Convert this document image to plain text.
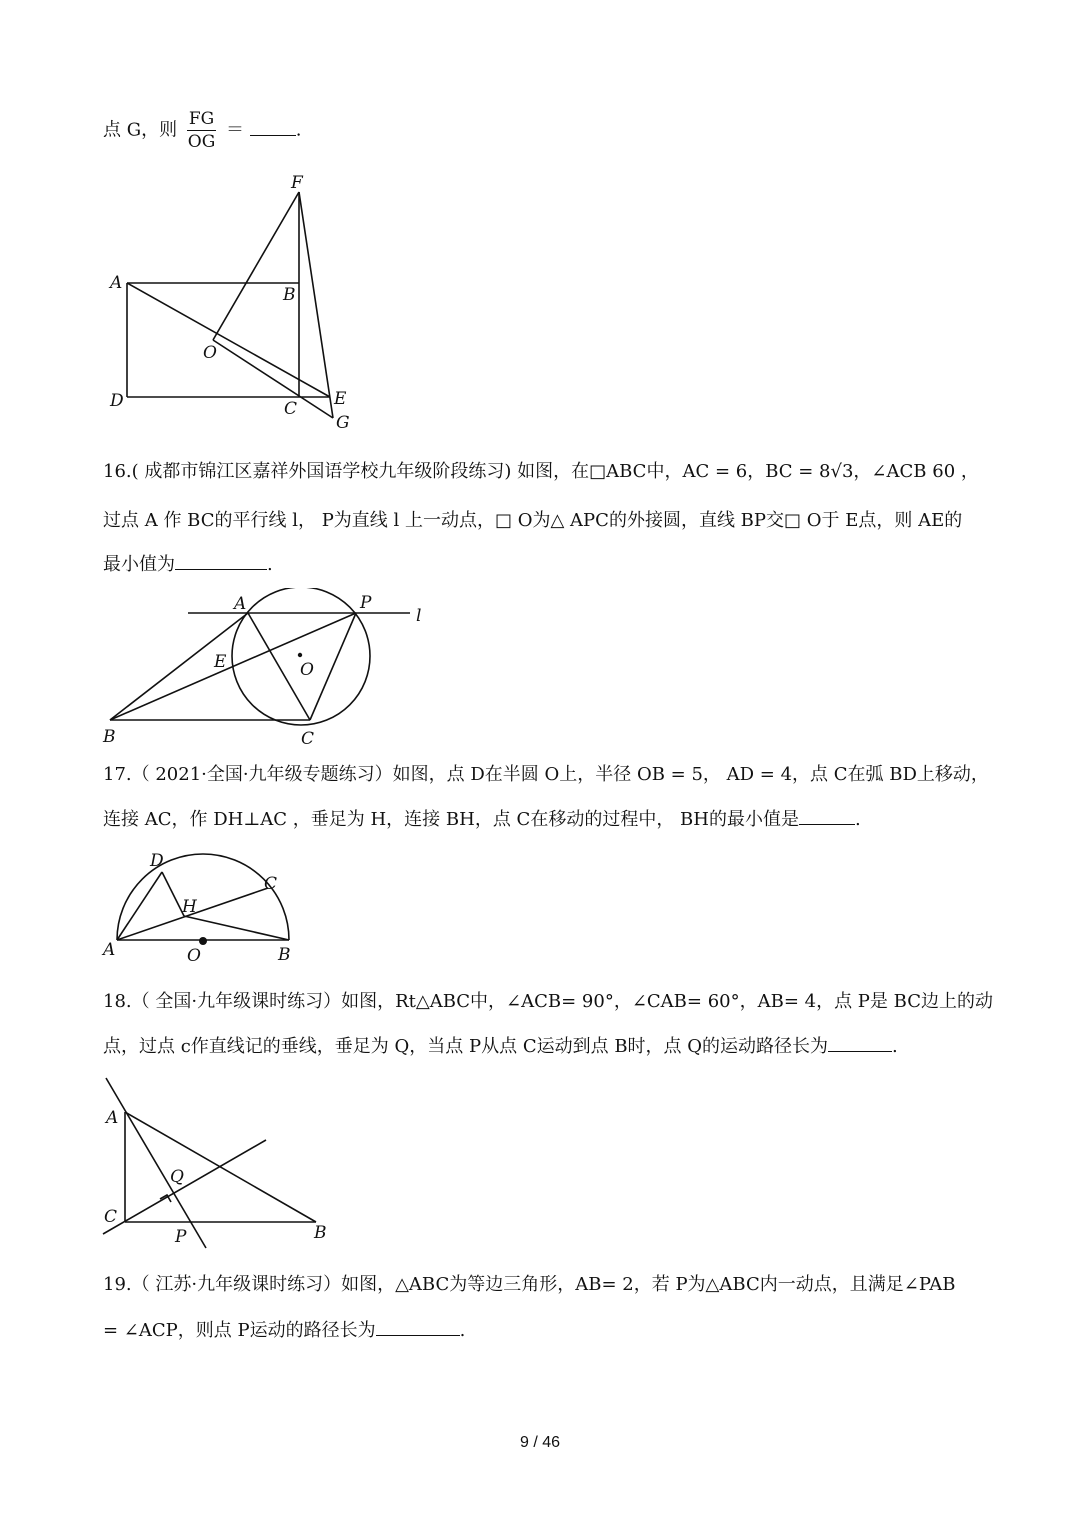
点 G，则 $\frac{FG}{OG}$ ＝	.
F
A
B
O
D	C E
G
16.( 成都市锦江区嘉祥外国语学校九年级阶段练习) 如图，在□ABC中，AC = 6，BC = 8√3，∠ACB 60 ，
过点 A 作 BC的平行线 l， P为直线 l 上一动点，□ O为△ APC的外接圆，直线 BP交□ O于 E点，则 AE的
最小值为	.
A	P
l
E	O
B	C
17.（ 2021·全国·九年级专题练习）如图，点 D在半圆 O上，半径 OB = 5， AD = 4，点 C在弧 BD上移动，
连接 AC，作 DH⊥AC ，垂足为 H，连接 BH，点 C在移动的过程中， BH的最小值是	.
D
C
H
A	O	B
18.（ 全国·九年级课时练习）如图，Rt△ABC中，∠ACB= 90°，∠CAB= 60°，AB= 4，点 P是 BC边上的动
点，过点 c作直线记的垂线，垂足为 Q，当点 P从点 C运动到点 B时，点 Q的运动路径长为	.
A
Q
C
P	B
19.（ 江苏·九年级课时练习）如图，△ABC为等边三角形，AB= 2，若 P为△ABC内一动点，且满足∠PAB
= ∠ACP，则点 P运动的路径长为	.
9 / 46
